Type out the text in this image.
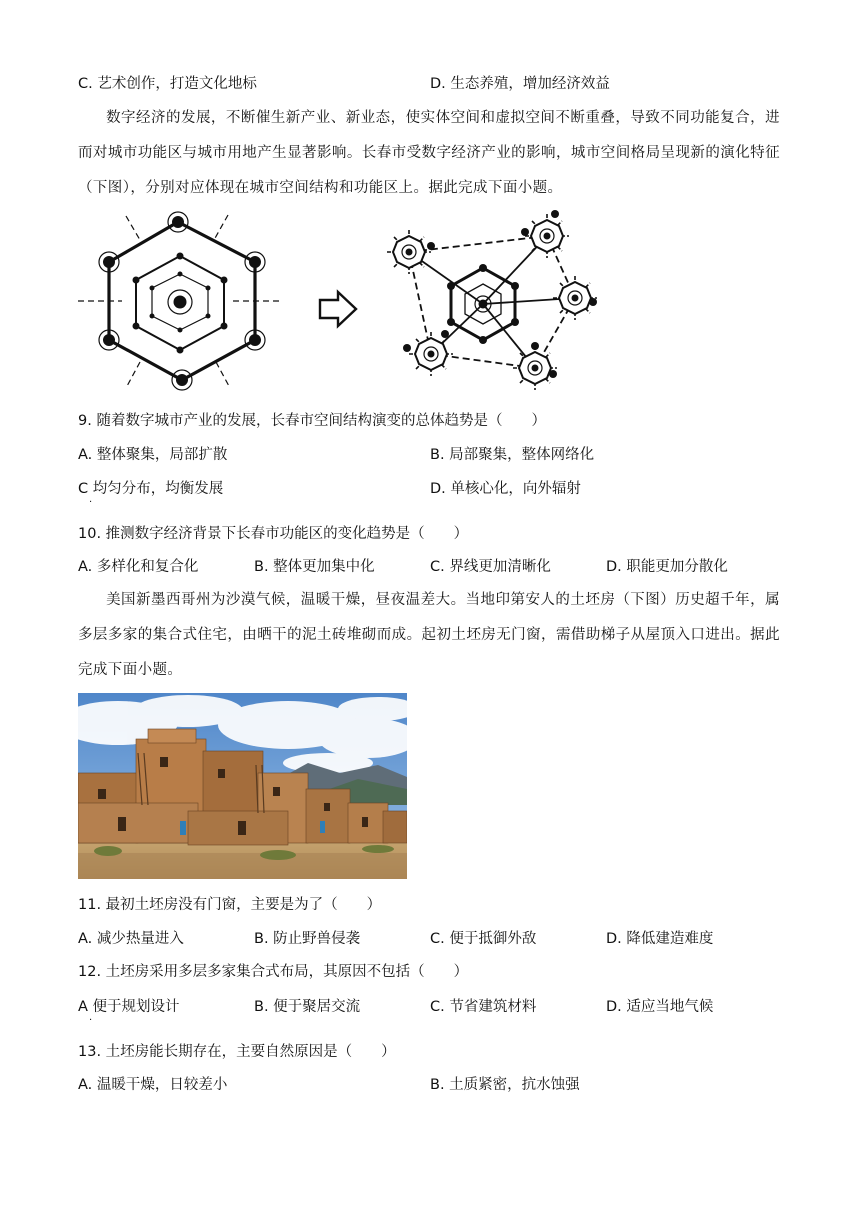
C. 艺术创作，打造文化地标	D. 生态养殖，增加经济效益
数字经济的发展，不断催生新产业、新业态，使实体空间和虚拟空间不断重叠，导致不同功能复合，进而对城市功能区与城市用地产生显著影响。长春市受数字经济产业的影响，城市空间格局呈现新的演化特征（下图），分别对应体现在城市空间结构和功能区上。据此完成下面小题。
9. 随着数字城市产业的发展，长春市空间结构演变的总体趋势是（　　）
A. 整体聚集，局部扩散	B. 局部聚集，整体网络化
C 均匀分布，均衡发展
·
D. 单核心化，向外辐射
10. 推测数字经济背景下长春市功能区的变化趋势是（　　）
A. 多样化和复合化	B. 整体更加集中化	C. 界线更加清晰化	D. 职能更加分散化
美国新墨西哥州为沙漠气候，温暖干燥，昼夜温差大。当地印第安人的土坯房（下图）历史超千年，属多层多家的集合式住宅，由晒干的泥土砖堆砌而成。起初土坯房无门窗，需借助梯子从屋顶入口进出。据此完成下面小题。
11. 最初土坯房没有门窗，主要是为了（　　）
A. 减少热量进入	B. 防止野兽侵袭	C. 便于抵御外敌	D. 降低建造难度
12. 土坯房采用多层多家集合式布局，其原因不包括（　　）
A 便于规划设计
·
B. 便于聚居交流	C. 节省建筑材料	D. 适应当地气候
13. 土坯房能长期存在，主要自然原因是（　　）
A. 温暖干燥，日较差小	B. 土质紧密，抗水蚀强
